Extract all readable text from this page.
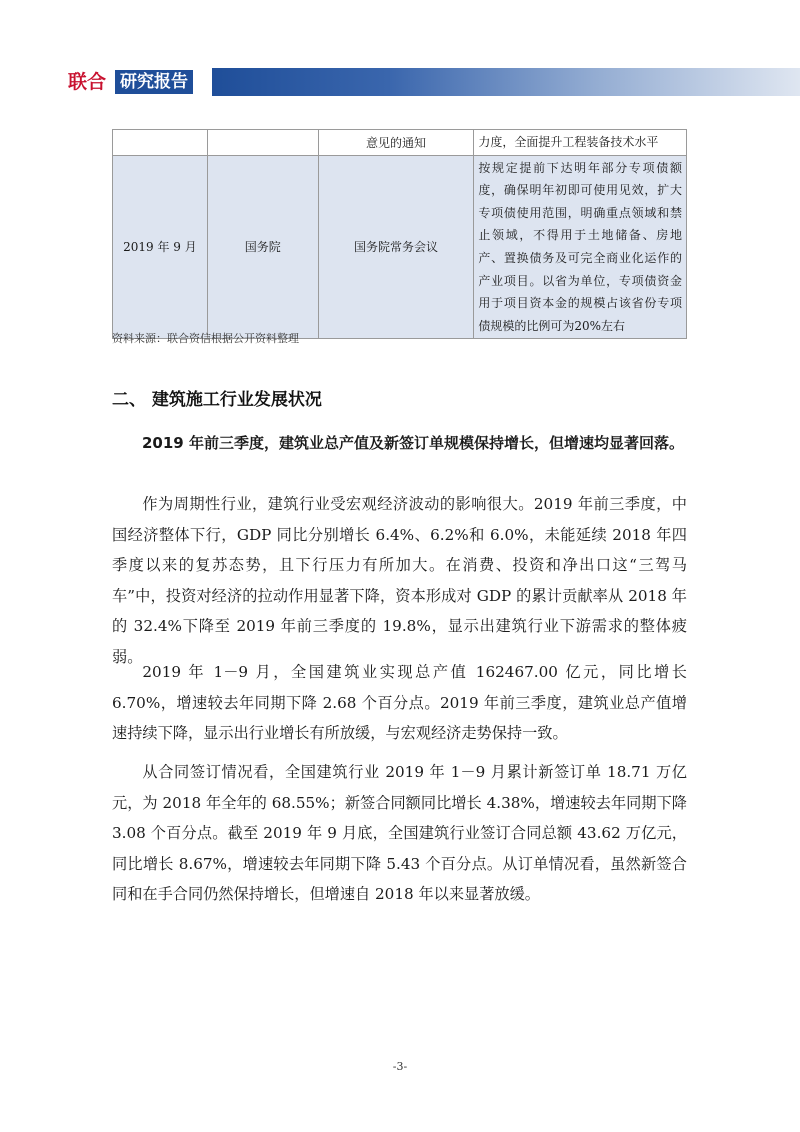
联合 研究报告
		意见的通知	力度，全面提升工程装备技术水平
2019 年 9 月	国务院	国务院常务会议	按规定提前下达明年部分专项债额度，确保明年初即可使用见效，扩大专项债使用范围，明确重点领域和禁止领域，不得用于土地储备、房地产、置换债务及可完全商业化运作的产业项目。以省为单位，专项债资金用于项目资本金的规模占该省份专项债规模的比例可为20%左右
资料来源：联合资信根据公开资料整理
二、 建筑施工行业发展状况

2019 年前三季度，建筑业总产值及新签订单规模保持增长，但增速均显著回落。

作为周期性行业，建筑行业受宏观经济波动的影响很大。2019 年前三季度，中国经济整体下行，GDP 同比分别增长 6.4%、6.2%和 6.0%，未能延续 2018 年四季度以来的复苏态势，且下行压力有所加大。在消费、投资和净出口这“三驾马车”中，投资对经济的拉动作用显著下降，资本形成对 GDP 的累计贡献率从 2018 年的 32.4%下降至 2019 年前三季度的 19.8%，显示出建筑行业下游需求的整体疲弱。

2019 年 1－9 月，全国建筑业实现总产值 162467.00 亿元，同比增长 6.70%，增速较去年同期下降 2.68 个百分点。2019 年前三季度，建筑业总产值增速持续下降，显示出行业增长有所放缓，与宏观经济走势保持一致。

从合同签订情况看，全国建筑行业 2019 年 1－9 月累计新签订单 18.71 万亿元，为 2018 年全年的 68.55%；新签合同额同比增长 4.38%，增速较去年同期下降 3.08 个百分点。截至 2019 年 9 月底，全国建筑行业签订合同总额 43.62 万亿元，同比增长 8.67%，增速较去年同期下降 5.43 个百分点。从订单情况看，虽然新签合同和在手合同仍然保持增长，但增速自 2018 年以来显著放缓。

-3-
